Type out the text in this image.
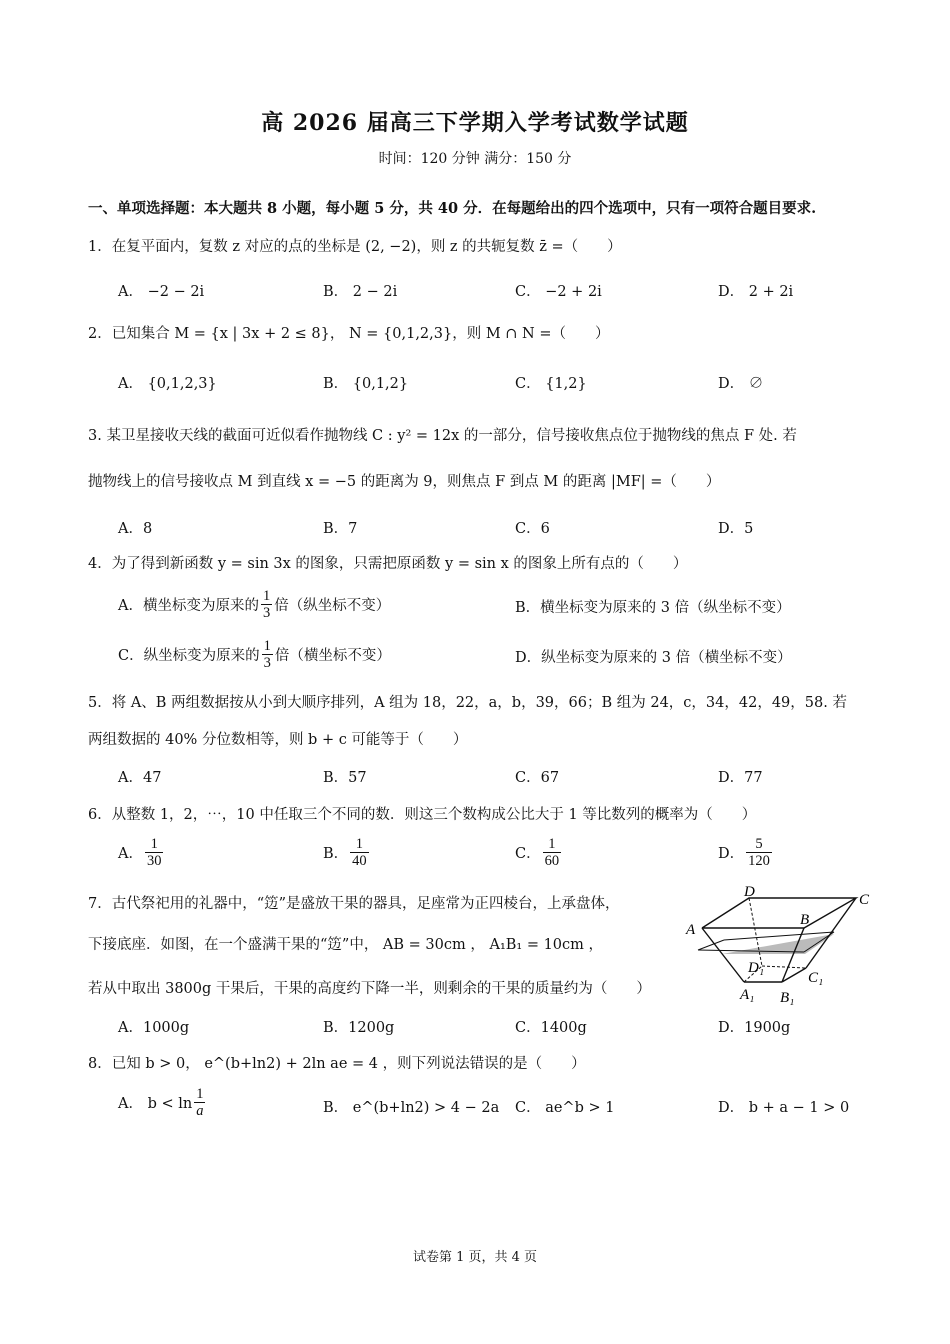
高 2026 届高三下学期入学考试数学试题
时间：120 分钟 满分：150 分
一、单项选择题：本大题共 8 小题，每小题 5 分，共 40 分．在每题给出的四个选项中，只有一项符合题目要求.
1．在复平面内，复数 z 对应的点的坐标是 (2, −2)，则 z 的共轭复数 z̄ =（　　）
A． −2 − 2i	B． 2 − 2i	C． −2 + 2i	D． 2 + 2i
2．已知集合 M = {x | 3x + 2 ≤ 8}， N = {0,1,2,3}，则 M ∩ N =（　　）
A． {0,1,2,3}	B． {0,1,2}	C． {1,2}	D． ∅
3. 某卫星接收天线的截面可近似看作抛物线 C : y² = 12x 的一部分，信号接收焦点位于抛物线的焦点 F 处. 若
抛物线上的信号接收点 M 到直线 x = −5 的距离为 9，则焦点 F 到点 M 的距离 |MF| =（　　）
A．8	B．7	C．6	D．5
4．为了得到新函数 y = sin 3x 的图象，只需把原函数 y = sin x 的图象上所有点的（　　）
A．横坐标变为原来的 $\frac{1}{3}$ 倍（纵坐标不变）	B．横坐标变为原来的 3 倍（纵坐标不变）
C．纵坐标变为原来的 $\frac{1}{3}$ 倍（横坐标不变）	D．纵坐标变为原来的 3 倍（横坐标不变）
5．将 A、B 两组数据按从小到大顺序排列，A 组为 18，22，a，b，39，66；B 组为 24，c，34，42，49，58. 若
两组数据的 40% 分位数相等，则 b + c 可能等于（　　）
A．47	B．57	C．67	D．77
6．从整数 1，2，⋯，10 中任取三个不同的数．则这三个数构成公比大于 1 等比数列的概率为（　　）
A． $\frac{1}{30}$	B． $\frac{1}{40}$	C． $\frac{1}{60}$	D． $\frac{5}{120}$
7．古代祭祀用的礼器中，“笾”是盛放干果的器具，足座常为正四棱台，上承盘体，
下接底座．如图，在一个盛满干果的“笾”中， AB = 30cm ， A₁B₁ = 10cm ，
若从中取出 3800g 干果后，干果的高度约下降一半，则剩余的干果的质量约为（　　）
D	C
A
B
D₁
C₁
A₁ B₁
A．1000g	B．1200g	C．1400g	D．1900g
8．已知 b > 0， e^(b+ln2) + 2ln ae = 4 ，则下列说法错误的是（　　）
A． $b < \ln \frac{1}{a}$	B． e^(b+ln2) > 4 − 2a C． ae^b > 1	D． b + a − 1 > 0
试卷第 1 页，共 4 页
